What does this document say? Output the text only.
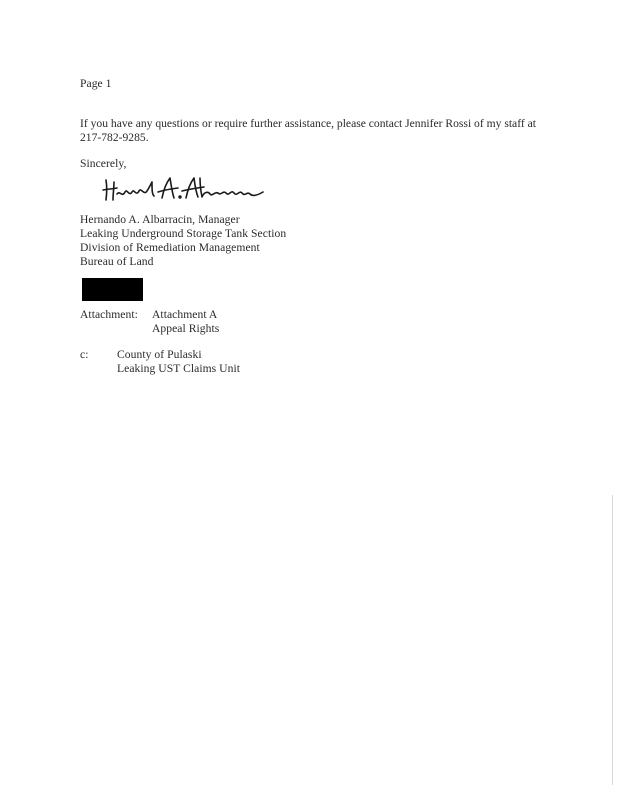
Page 1
If you have any questions or require further assistance, please contact Jennifer Rossi of my staff at 217-782-9285.
Sincerely,
Hernando A. Albarracin, Manager
Leaking Underground Storage Tank Section
Division of Remediation Management
Bureau of Land
Attachment: Attachment A
Appeal Rights
c: County of Pulaski
Leaking UST Claims Unit
